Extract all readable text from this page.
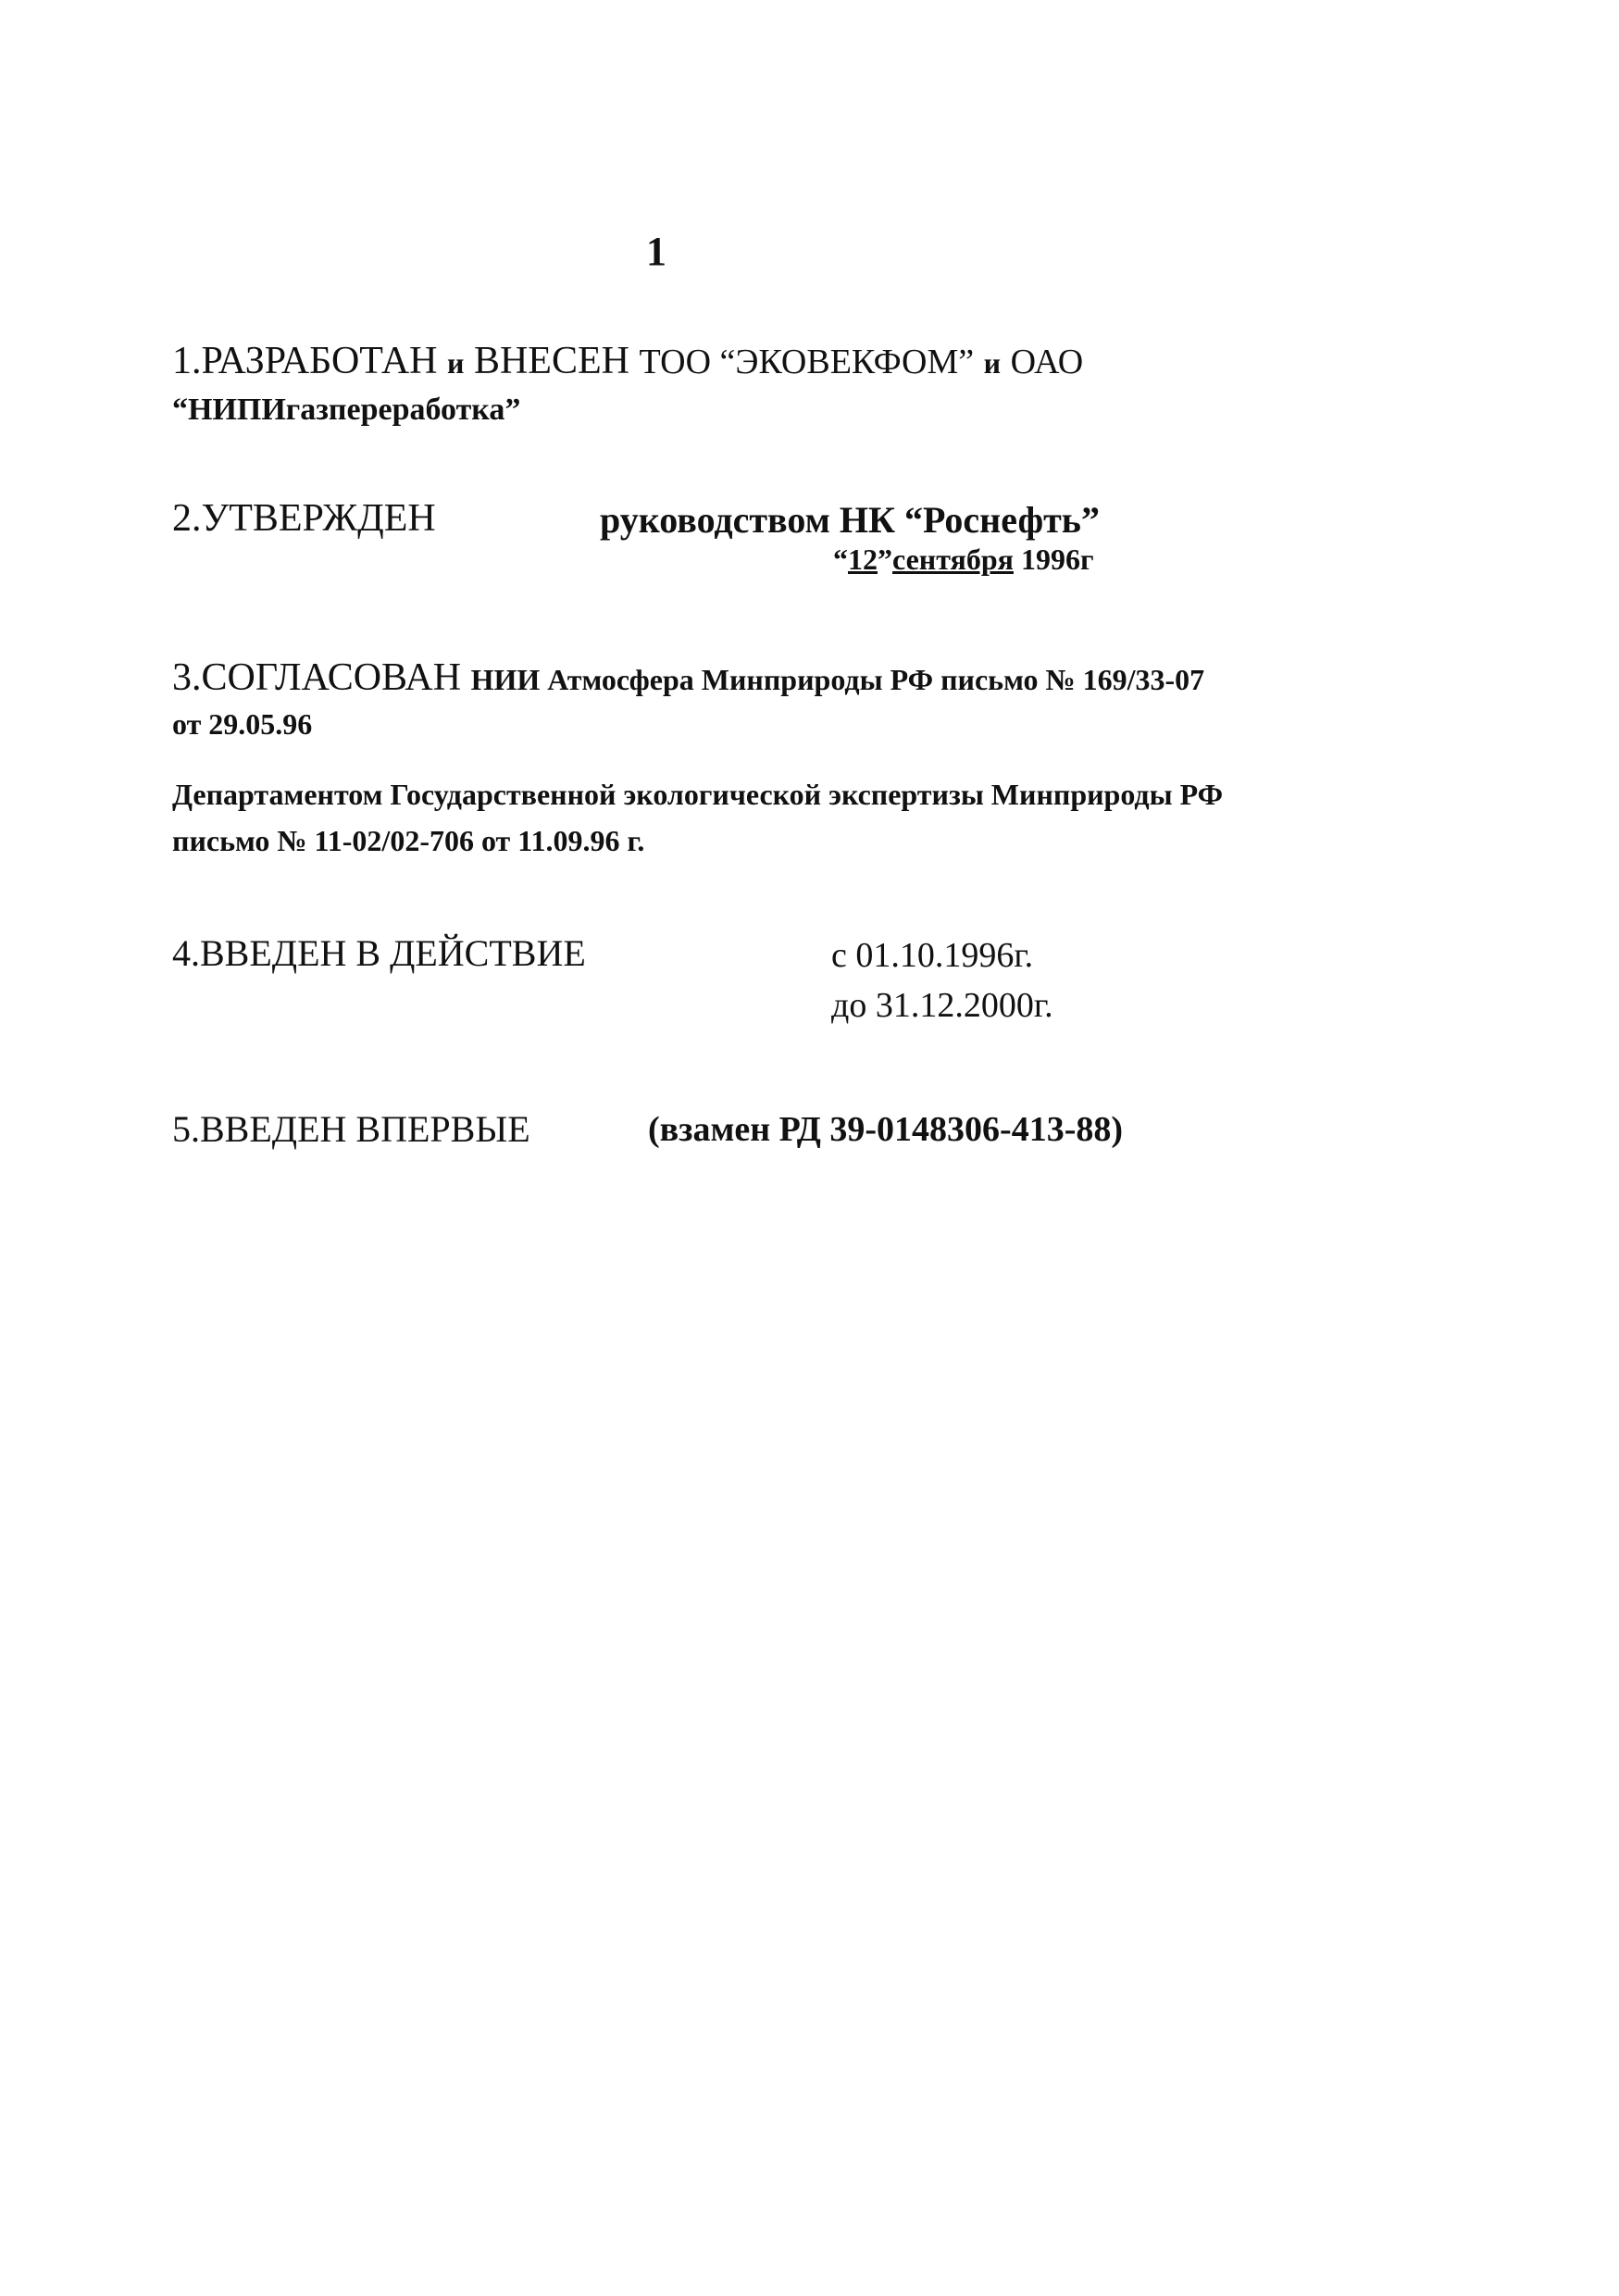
1
1.РАЗРАБОТАН и ВНЕСЕН ТОО “ЭКОВЕКФОМ” и ОАО
“НИПИгазпереработка”
2.УТВЕРЖДЕН	руководством НК “Роснефть”
“12”сентября 1996г
3.СОГЛАСОВАН НИИ Атмосфера Минприроды РФ письмо № 169/33-07
от 29.05.96
Департаментом Государственной экологической экспертизы Минприроды РФ
письмо № 11-02/02-706 от 11.09.96 г.
4.ВВЕДЕН В ДЕЙСТВИЕ	с 01.10.1996г.
до 31.12.2000г.
5.ВВЕДЕН ВПЕРВЫЕ	(взамен РД 39-0148306-413-88)
